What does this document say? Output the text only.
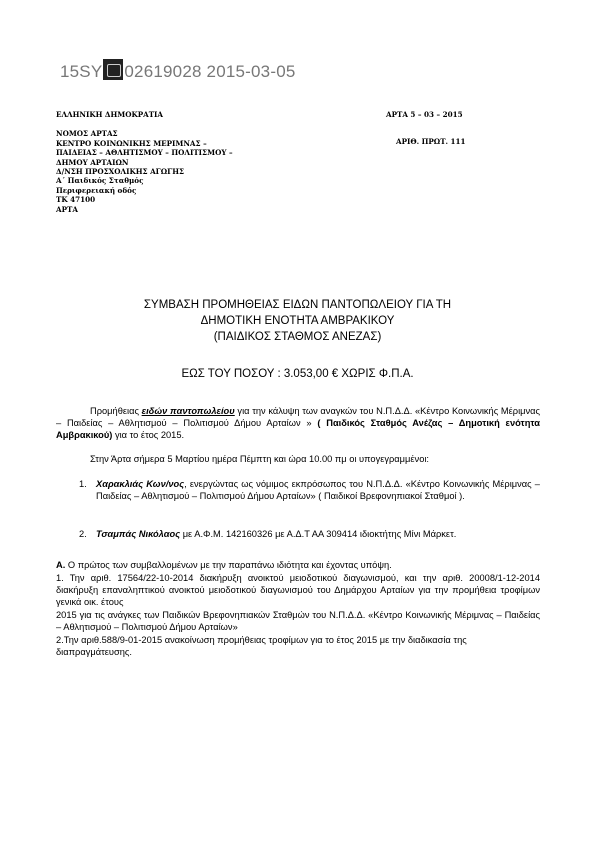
15SY 02619028 2015-03-05
ΕΛΛΗΝΙΚΗ ΔΗΜΟΚΡΑΤΙΑ
ΝΟΜΟΣ ΑΡΤΑΣ
ΚΕΝΤΡΟ ΚΟΙΝΩΝΙΚΗΣ ΜΕΡΙΜΝΑΣ –
ΠΑΙΔΕΙΑΣ – ΑΘΛΗΤΙΣΜΟΥ – ΠΟΛΙΤΙΣΜΟΥ –
ΔΗΜΟΥ ΑΡΤΑΙΩΝ
Δ/ΝΣΗ ΠΡΟΣΧΟΛΙΚΗΣ ΑΓΩΓΗΣ
Α΄ Παιδικός Σταθμός
Περιφερειακή οδός
ΤΚ 47100
ΑΡΤΑ
ΑΡΤΑ 5 – 03 – 2015
ΑΡΙΘ. ΠΡΩΤ. 111
ΣΥΜΒΑΣΗ ΠΡΟΜΗΘΕΙΑΣ ΕΙΔΩΝ ΠΑΝΤΟΠΩΛΕΙΟΥ ΓΙΑ ΤΗ
ΔΗΜΟΤΙΚΗ ΕΝΟΤΗΤΑ ΑΜΒΡΑΚΙΚΟΥ
(ΠΑΙΔΙΚΟΣ ΣΤΑΘΜΟΣ ΑΝΕΖΑΣ)
ΕΩΣ ΤΟΥ ΠΟΣΟΥ : 3.053,00 € ΧΩΡΙΣ Φ.Π.Α.
Προμήθειας ειδών παντοπωλείου για την κάλυψη των αναγκών του Ν.Π.Δ.Δ. «Κέντρο Κοινωνικής Μέριμνας – Παιδείας – Αθλητισμού – Πολιτισμού Δήμου Αρταίων » ( Παιδικός Σταθμός Ανέζας – Δημοτική ενότητα Αμβρακικού) για το έτος 2015.
Στην Άρτα σήμερα 5 Μαρτίου ημέρα Πέμπτη και ώρα 10.00 πμ οι υπογεγραμμένοι:
1. Χαρακλιάς Κων/νος, ενεργώντας ως νόμιμος εκπρόσωπος του Ν.Π.Δ.Δ. «Κέντρο Κοινωνικής Μέριμνας – Παιδείας – Αθλητισμού – Πολιτισμού Δήμου Αρταίων» ( Παιδικοί Βρεφονηπιακοί Σταθμοί ).
2. Τσαμπάς Νικόλαος με Α.Φ.Μ. 142160326 με Α.Δ.Τ ΑΑ 309414 ιδιοκτήτης Μίνι Μάρκετ.
Α. Ο πρώτος των συμβαλλομένων με την παραπάνω ιδιότητα και έχοντας υπόψη.
1. Την αριθ. 17564/22-10-2014 διακήρυξη ανοικτού μειοδοτικού διαγωνισμού, και την αριθ. 20008/1-12-2014 διακήρυξη επαναληπτικού ανοικτού μειοδοτικού διαγωνισμού του Δημάρχου Αρταίων για την προμήθεια τροφίμων γενικά οικ. έτους
2015 για τις ανάγκες των Παιδικών Βρεφονηπιακών Σταθμών του Ν.Π.Δ.Δ. «Κέντρο Κοινωνικής Μέριμνας – Παιδείας – Αθλητισμού – Πολιτισμού Δήμου Αρταίων»
2.Την αριθ.588/9-01-2015 ανακοίνωση προμήθειας τροφίμων για το έτος 2015 με την διαδικασία της διαπραγμάτευσης.
